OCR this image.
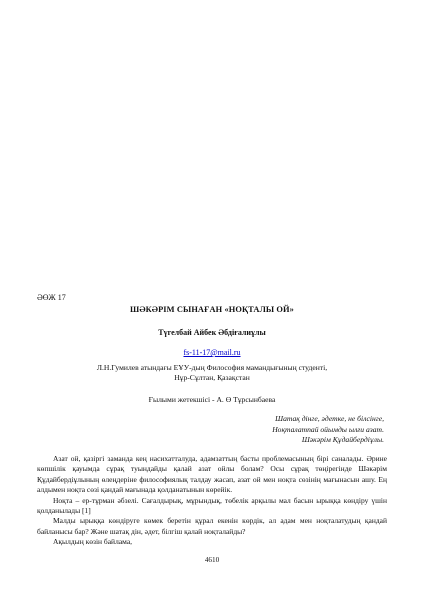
ӘӨЖ 17
ШӘКӘРІМ СЫНАҒАН «НОҚТАЛЫ ОЙ»
Түгелбай Айбек Әбдіғалиұлы
fs-11-17@mail.ru
Л.Н.Гумилев атындағы ЕҰУ-дың Философия мамандығының студенті,
Нұр-Сұлтан, Қазақстан
Ғылыми жетекшісі - А. Ө Тұрсынбаева
Шатақ дінге, әдетке, не білсінге,
Ноқталатпай ойымды ылғи азат.
Шәкәрім Құдайбердіұлы.

Азат ой, қазіргі заманда кең насихатталуда, адамзаттың басты проблемасының бірі саналады. Әрине көпшілік қауымда сұрақ туындайды қалай азат ойлы болам? Осы сұрақ төңірегінде Шәкәрім Құдайбердіұлының өлеңдеріне философиялық талдау жасап, азат ой мен ноқта сөзінің мағынасын ашу. Ең алдымен ноқта сөзі қандай мағынада қолданатынын көрейік.

Ноқта – ер-тұрман әбзелі. Сағалдырық, мұрындық, төбелік арқылы мал басын ырыққа көндіру үшін қолданылады [1]

Малды ырыққа көндіруге көмек беретін құрал екенін көрдік, ал адам мен ноқталатудың қандай байланысы бар? Және шатақ дін, әдет, білгіш қалай ноқталайды?

Ақылдың көзін байлама,

4610
